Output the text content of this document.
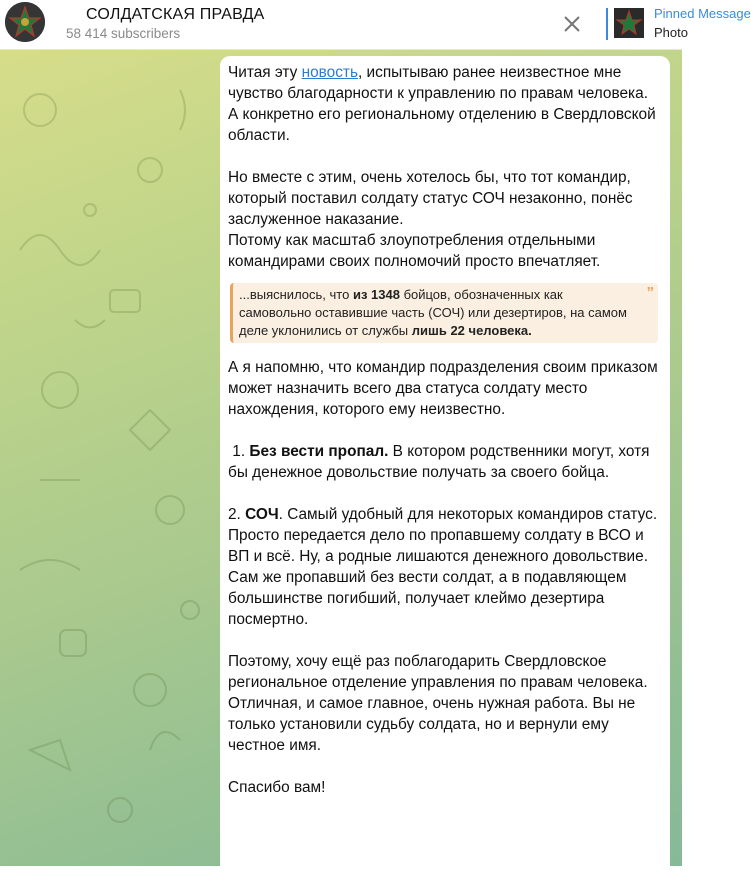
СОЛДАТСКАЯ ПРАВДА
58 414 subscribers
Pinned Message
Photo

Читая эту новость, испытываю ранее неизвестное мне чувство благодарности к управлению по правам человека. А конкретно его региональному отделению в Свердловской области.

Но вместе с этим, очень хотелось бы, что тот командир, который поставил солдату статус СОЧ незаконно, понёс заслуженное наказание.

Потому как масштаб злоупотребления отдельными командирами своих полномочий просто впечатляет.

...выяснилось, что из 1348 бойцов, обозначенных как самовольно оставившие часть (СОЧ) или дезертиров, на самом деле уклонились от службы лишь 22 человека.
”

А я напомню, что командир подразделения своим приказом может назначить всего два статуса солдату место нахождения, которого ему неизвестно.

1. Без вести пропал. В котором родственники могут, хотя бы денежное довольствие получать за своего бойца.

2. СОЧ. Самый удобный для некоторых командиров статус. Просто передается дело по пропавшему солдату в ВСО и ВП и всё. Ну, а родные лишаются денежного довольствие. Сам же пропавший без вести солдат, а в подавляющем большинстве погибший, получает клеймо дезертира посмертно.

Поэтому, хочу ещё раз поблагодарить Свердловское региональное отделение управления по правам человека.

Отличная, и самое главное, очень нужная работа. Вы не только установили судьбу солдата, но и вернули ему честное имя.

Спасибо вам!
